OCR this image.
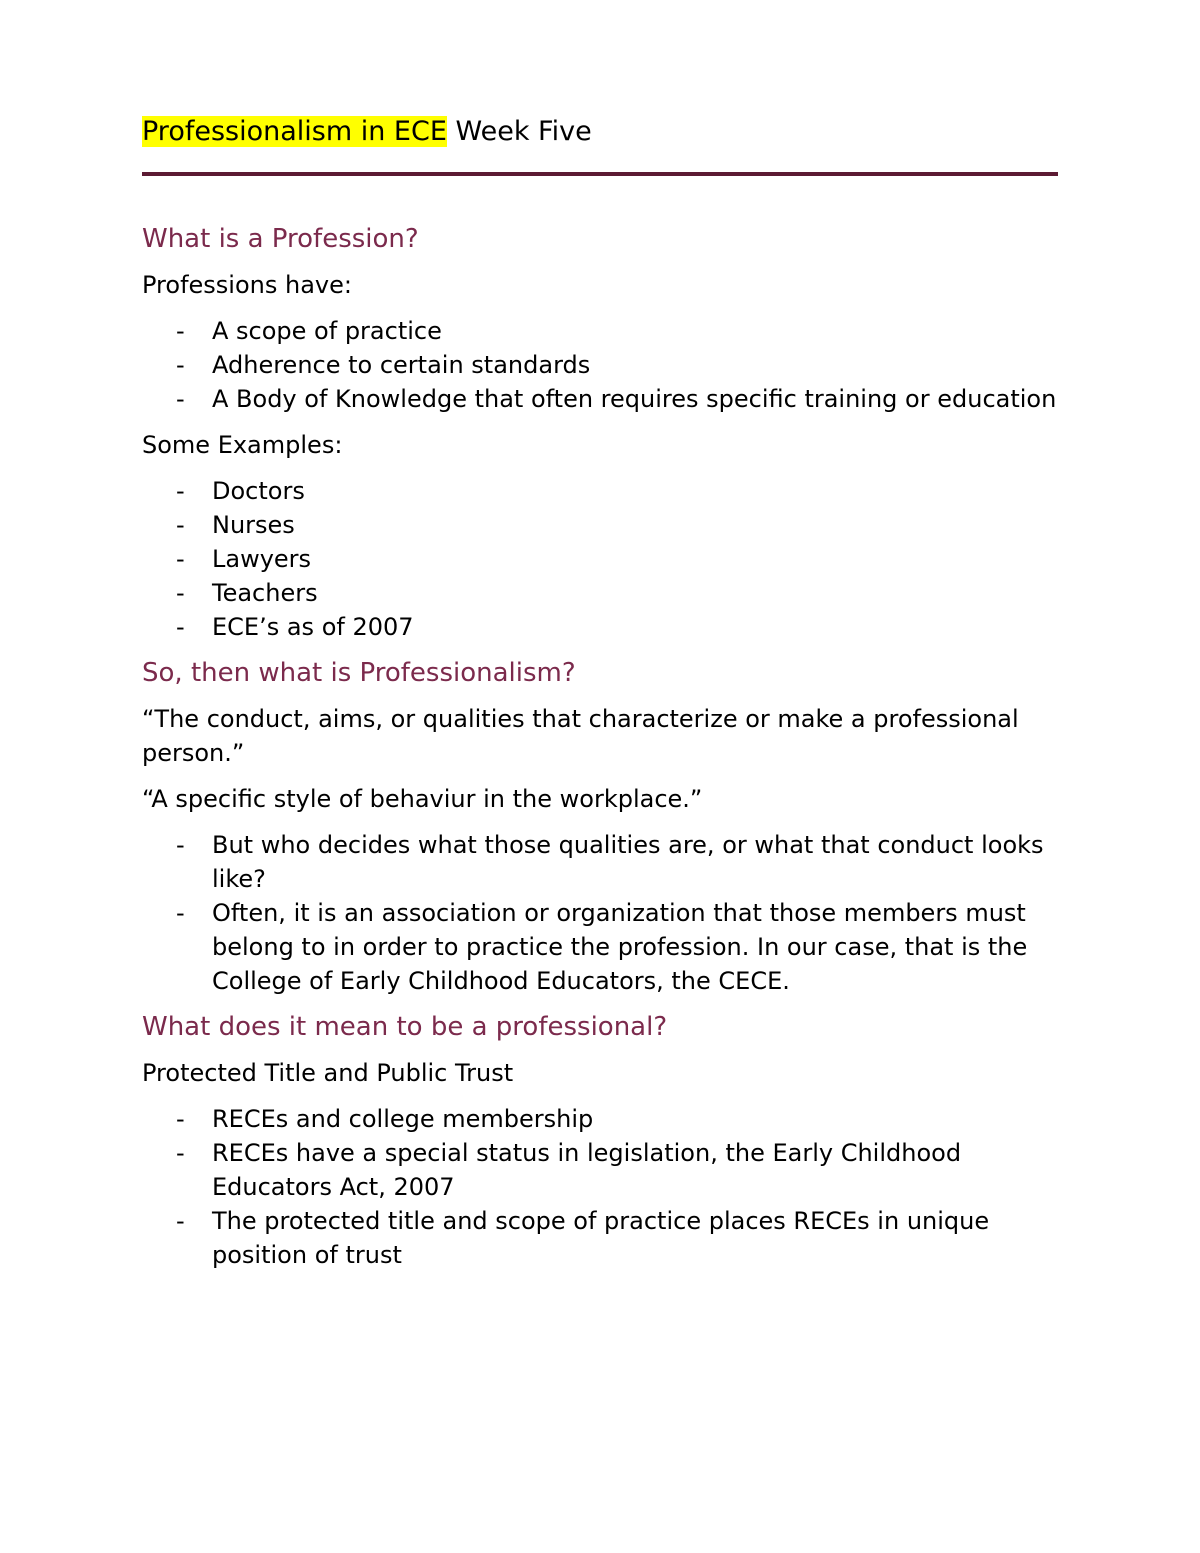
Professionalism in ECE Week Five
What is a Profession?

Professions have:

- A scope of practice
- Adherence to certain standards
- A Body of Knowledge that often requires specific training or education

Some Examples:

- Doctors
- Nurses
- Lawyers
- Teachers
- ECE’s as of 2007
So, then what is Professionalism?

“The conduct, aims, or qualities that characterize or make a professional person.”

“A specific style of behaviur in the workplace.”

- But who decides what those qualities are, or what that conduct looks like?
- Often, it is an association or organization that those members must belong to in order to practice the profession. In our case, that is the College of Early Childhood Educators, the CECE.
What does it mean to be a professional?

Protected Title and Public Trust

- RECEs and college membership
- RECEs have a special status in legislation, the Early Childhood Educators Act, 2007
- The protected title and scope of practice places RECEs in unique position of trust
